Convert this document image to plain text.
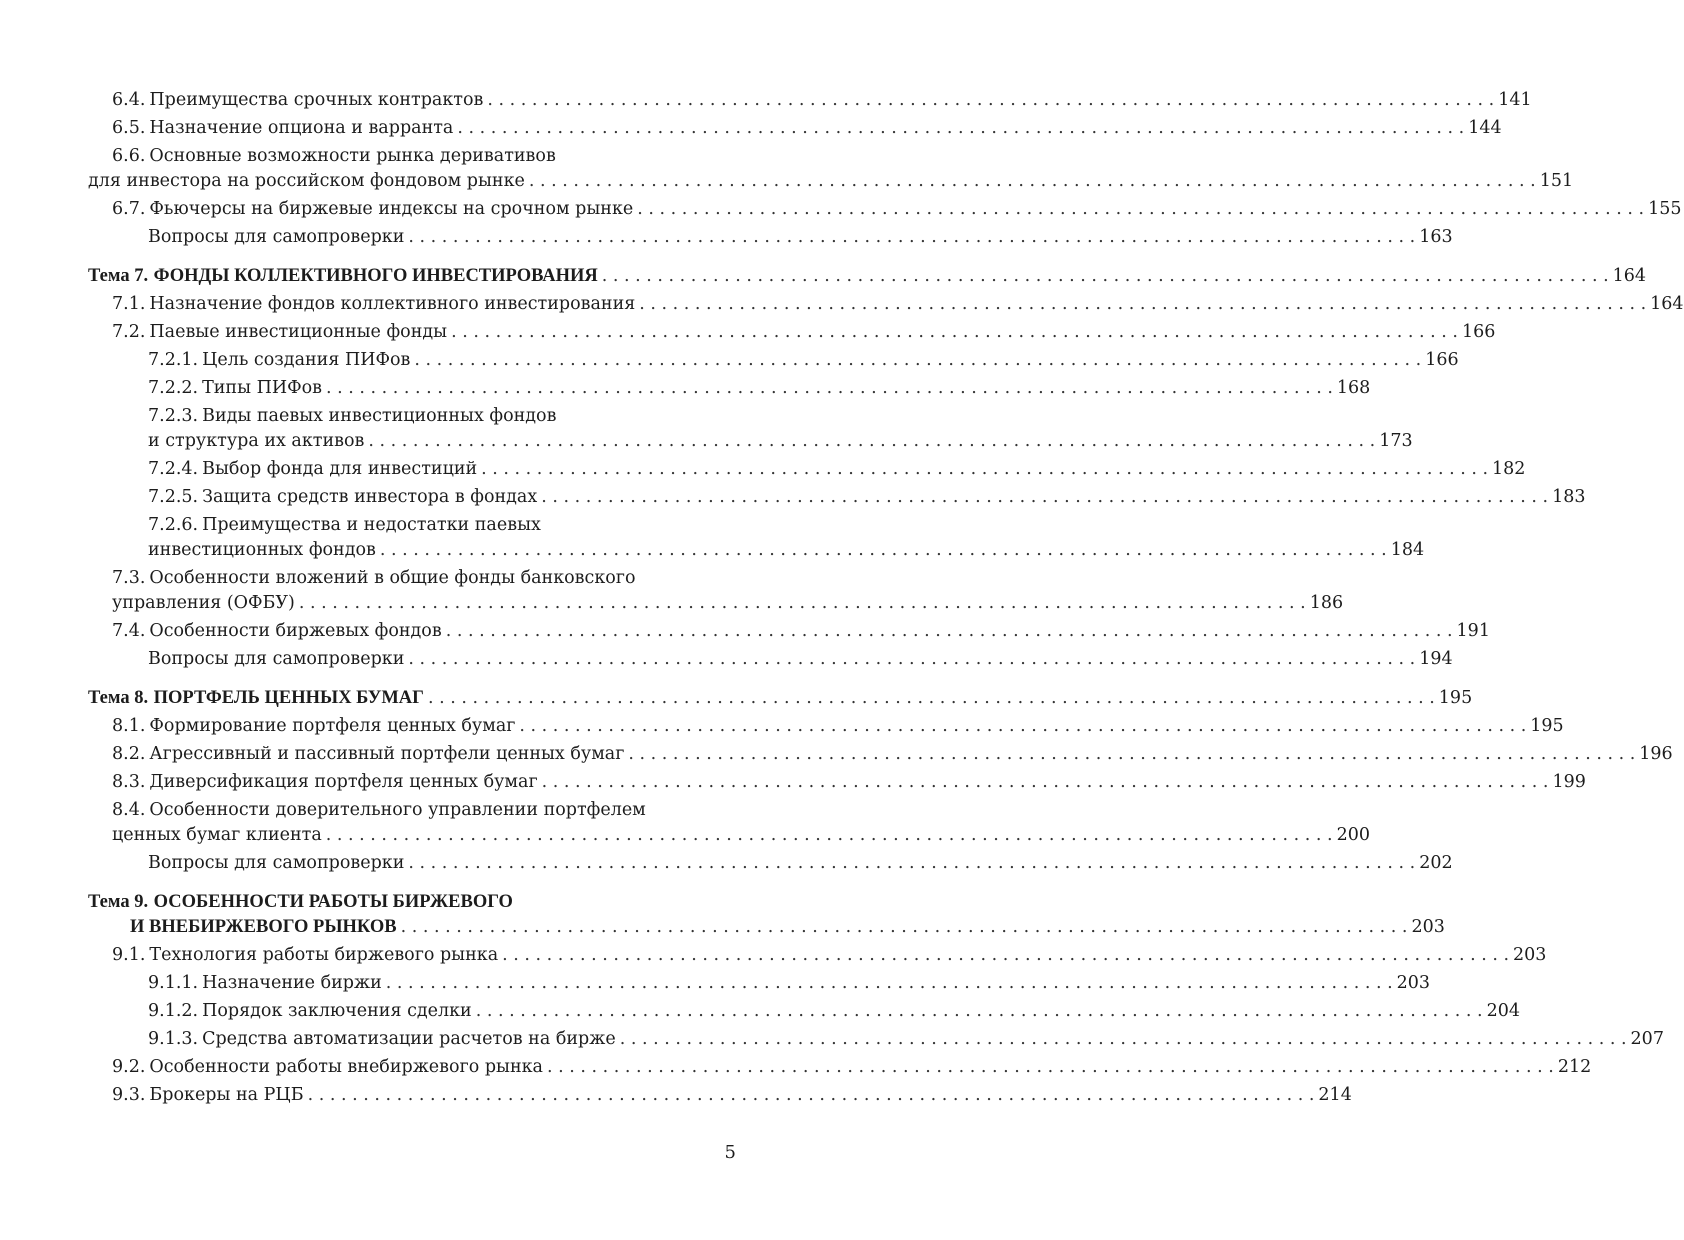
6.4. Преимущества срочных контрактов . . .	141
6.5. Назначение опциона и варранта . . .	144
6.6. Основные возможности рынка деривативов
для инвестора на российском фондовом рынке . . .	151
6.7. Фьючерсы на биржевые индексы на срочном рынке . . .	155
Вопросы для самопроверки . . .	163
Тема 7.
ФОНДЫ КОЛЛЕКТИВНОГО ИНВЕСТИРОВАНИЯ . . .	164
7.1. Назначение фондов коллективного инвестирования . . .	164
7.2. Паевые инвестиционные фонды . . .	166
7.2.1. Цель создания ПИФов . . .	166
7.2.2. Типы ПИФов . . .	168
7.2.3. Виды паевых инвестиционных фондов
и структура их активов . . .	173
7.2.4. Выбор фонда для инвестиций . . .	182
7.2.5. Защита средств инвестора в фондах . . .	183
7.2.6. Преимущества и недостатки паевых
инвестиционных фондов . . .	184
7.3. Особенности вложений в общие фонды банковского
управления (ОФБУ) . . .	186
7.4. Особенности биржевых фондов . . .	191
Вопросы для самопроверки . . .	194
Тема 8.
ПОРТФЕЛЬ ЦЕННЫХ БУМАГ . . .	195
8.1. Формирование портфеля ценных бумаг . . .	195
8.2. Агрессивный и пассивный портфели ценных бумаг . . .	196
8.3. Диверсификация портфеля ценных бумаг . . .	199
8.4. Особенности доверительного управлении портфелем
ценных бумаг клиента . . .	200
Вопросы для самопроверки . . .	202
Тема 9.
ОСОБЕННОСТИ РАБОТЫ БИРЖЕВОГО
И ВНЕБИРЖЕВОГО РЫНКОВ . . .	203
9.1. Технология работы биржевого рынка . . .	203
9.1.1. Назначение биржи . . .	203
9.1.2. Порядок заключения сделки . . .	204
9.1.3. Средства автоматизации расчетов на бирже . . .	207
9.2. Особенности работы внебиржевого рынка . . .	212
9.3. Брокеры на РЦБ . . .	214
5
